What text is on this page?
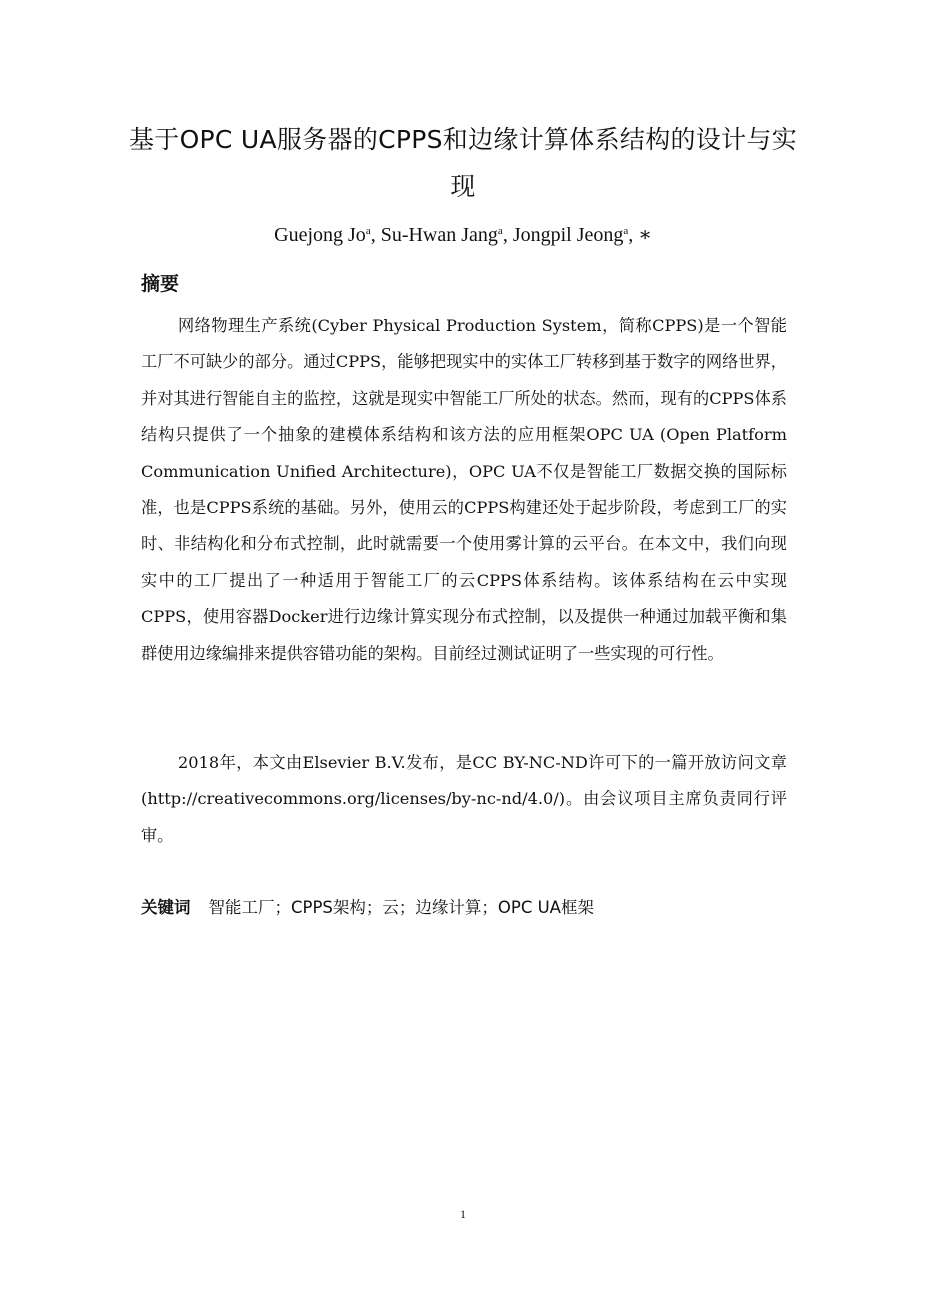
基于OPC UA服务器的CPPS和边缘计算体系结构的设计与实现
Guejong Jo$^a$, Su-Hwan Jang$^a$, Jongpil Jeong$^a$, ∗
摘要

网络物理生产系统(Cyber Physical Production System，简称CPPS)是一个智能工厂不可缺少的部分。通过CPPS，能够把现实中的实体工厂转移到基于数字的网络世界，并对其进行智能自主的监控，这就是现实中智能工厂所处的状态。然而，现有的CPPS体系结构只提供了一个抽象的建模体系结构和该方法的应用框架OPC UA (Open Platform Communication Unified Architecture)，OPC UA不仅是智能工厂数据交换的国际标准，也是CPPS系统的基础。另外，使用云的CPPS构建还处于起步阶段，考虑到工厂的实时、非结构化和分布式控制，此时就需要一个使用雾计算的云平台。在本文中，我们向现实中的工厂提出了一种适用于智能工厂的云CPPS体系结构。该体系结构在云中实现CPPS，使用容器Docker进行边缘计算实现分布式控制，以及提供一种通过加载平衡和集群使用边缘编排来提供容错功能的架构。目前经过测试证明了一些实现的可行性。

2018年，本文由Elsevier B.V.发布，是CC BY-NC-ND许可下的一篇开放访问文章(http://creativecommons.org/licenses/by-nc-nd/4.0/)。由会议项目主席负责同行评审。

关键词 智能工厂；CPPS架构；云；边缘计算；OPC UA框架
1
